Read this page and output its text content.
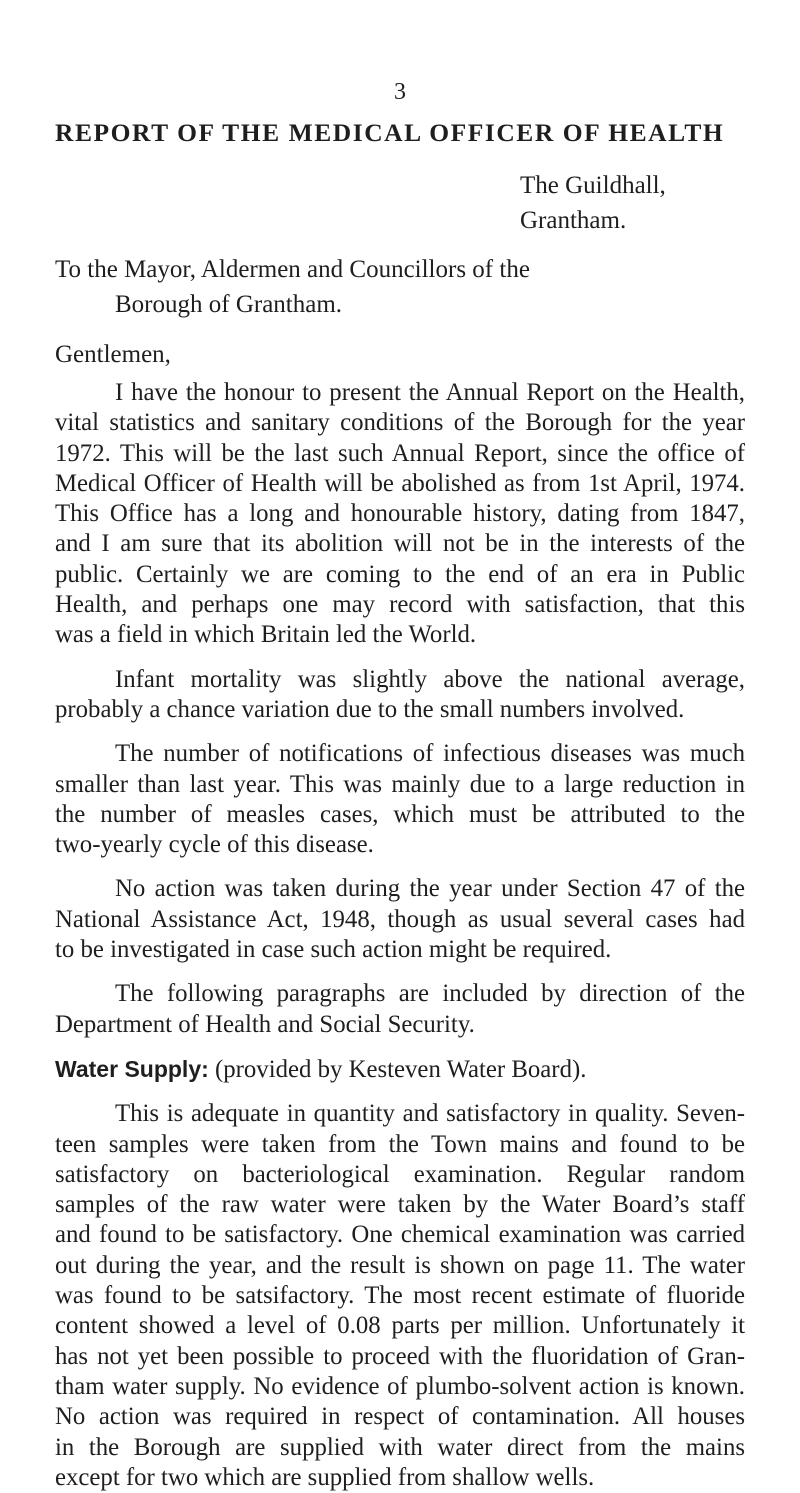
3
REPORT OF THE MEDICAL OFFICER OF HEALTH
The Guildhall,
Grantham.
To the Mayor, Aldermen and Councillors of the
Borough of Grantham.
Gentlemen,

I have the honour to present the Annual Report on the Health,
vital statistics and sanitary conditions of the Borough for the year
1972. This will be the last such Annual Report, since the office of
Medical Officer of Health will be abolished as from 1st April, 1974.
This Office has a long and honourable history, dating from 1847,
and I am sure that its abolition will not be in the interests of the
public. Certainly we are coming to the end of an era in Public
Health, and perhaps one may record with satisfaction, that this
was a field in which Britain led the World.

Infant mortality was slightly above the national average,
probably a chance variation due to the small numbers involved.

The number of notifications of infectious diseases was much
smaller than last year. This was mainly due to a large reduction in
the number of measles cases, which must be attributed to the
two-yearly cycle of this disease.

No action was taken during the year under Section 47 of the
National Assistance Act, 1948, though as usual several cases had
to be investigated in case such action might be required.

The following paragraphs are included by direction of the
Department of Health and Social Security.

Water Supply: (provided by Kesteven Water Board).

This is adequate in quantity and satisfactory in quality. Seven-
teen samples were taken from the Town mains and found to be
satisfactory on bacteriological examination. Regular random
samples of the raw water were taken by the Water Board’s staff
and found to be satisfactory. One chemical examination was carried
out during the year, and the result is shown on page 11. The water
was found to be satsifactory. The most recent estimate of fluoride
content showed a level of 0.08 parts per million. Unfortunately it
has not yet been possible to proceed with the fluoridation of Gran-
tham water supply. No evidence of plumbo-solvent action is known.
No action was required in respect of contamination. All houses
in the Borough are supplied with water direct from the mains
except for two which are supplied from shallow wells.
